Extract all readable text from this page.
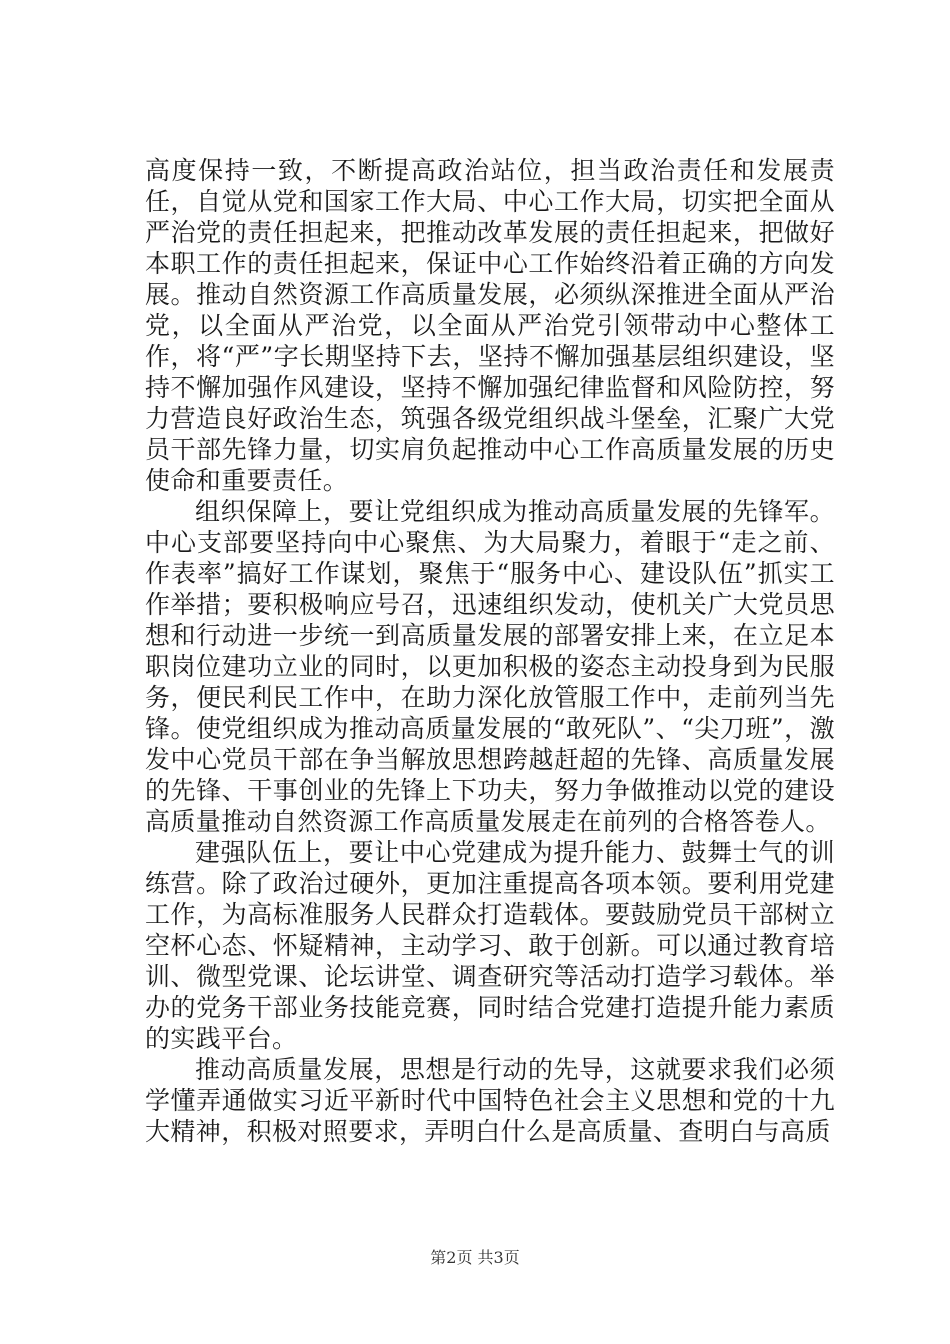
高度保持一致，不断提高政治站位，担当政治责任和发展责任，自觉从党和国家工作大局、中心工作大局，切实把全面从严治党的责任担起来，把推动改革发展的责任担起来，把做好本职工作的责任担起来，保证中心工作始终沿着正确的方向发展。推动自然资源工作高质量发展，必须纵深推进全面从严治党，以全面从严治党，以全面从严治党引领带动中心整体工作，将“严”字长期坚持下去，坚持不懈加强基层组织建设，坚持不懈加强作风建设，坚持不懈加强纪律监督和风险防控，努力营造良好政治生态，筑强各级党组织战斗堡垒，汇聚广大党员干部先锋力量，切实肩负起推动中心工作高质量发展的历史使命和重要责任。

组织保障上，要让党组织成为推动高质量发展的先锋军。中心支部要坚持向中心聚焦、为大局聚力，着眼于“走之前、作表率”搞好工作谋划，聚焦于“服务中心、建设队伍”抓实工作举措；要积极响应号召，迅速组织发动，使机关广大党员思想和行动进一步统一到高质量发展的部署安排上来，在立足本职岗位建功立业的同时，以更加积极的姿态主动投身到为民服务，便民利民工作中，在助力深化放管服工作中，走前列当先锋。使党组织成为推动高质量发展的“敢死队”、“尖刀班”，激发中心党员干部在争当解放思想跨越赶超的先锋、高质量发展的先锋、干事创业的先锋上下功夫，努力争做推动以党的建设高质量推动自然资源工作高质量发展走在前列的合格答卷人。

建强队伍上，要让中心党建成为提升能力、鼓舞士气的训练营。除了政治过硬外，更加注重提高各项本领。要利用党建工作，为高标准服务人民群众打造载体。要鼓励党员干部树立空杯心态、怀疑精神，主动学习、敢于创新。可以通过教育培训、微型党课、论坛讲堂、调查研究等活动打造学习载体。举办的党务干部业务技能竞赛，同时结合党建打造提升能力素质的实践平台。

推动高质量发展，思想是行动的先导，这就要求我们必须学懂弄通做实习近平新时代中国特色社会主义思想和党的十九大精神，积极对照要求，弄明白什么是高质量、查明白与高质

第2页 共3页
